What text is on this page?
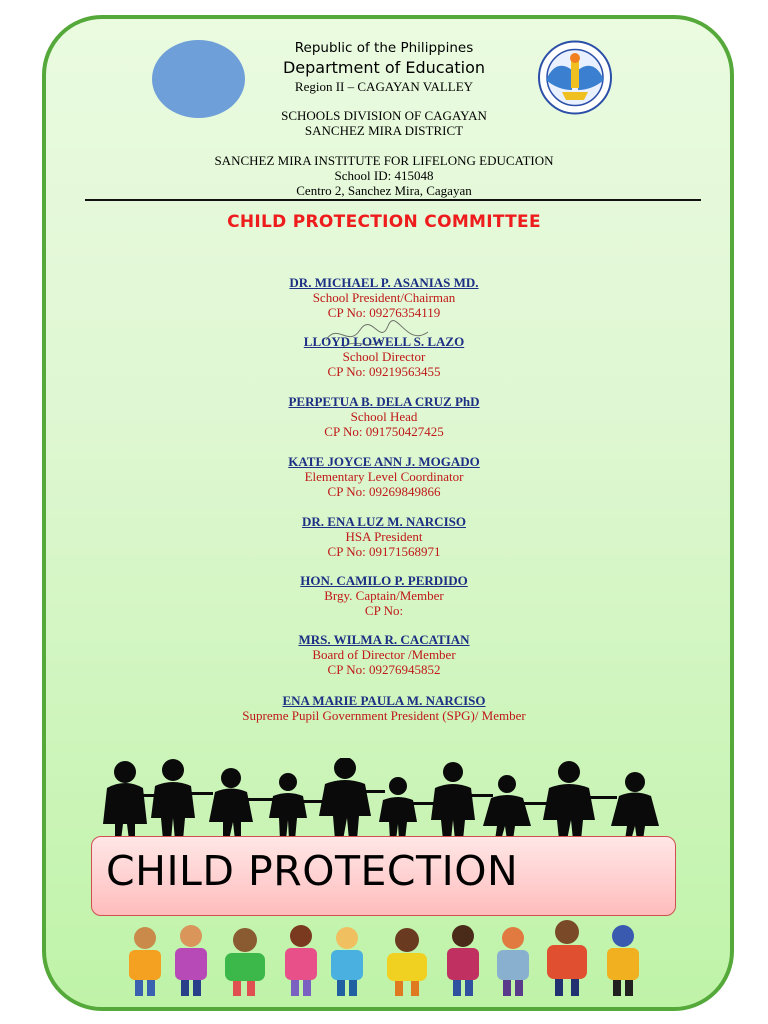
Republic of the Philippines
Department of Education
Region II – CAGAYAN VALLEY
SCHOOLS DIVISION OF CAGAYAN
SANCHEZ MIRA DISTRICT
SANCHEZ MIRA INSTITUTE FOR LIFELONG EDUCATION
School ID: 415048
Centro 2, Sanchez Mira, Cagayan
CHILD PROTECTION COMMITTEE
DR. MICHAEL P. ASANIAS MD.
School President/Chairman
CP No: 09276354119
LLOYD LOWELL S. LAZO
School Director
CP No: 09219563455
PERPETUA B. DELA CRUZ PhD
School Head
CP No: 091750427425
KATE JOYCE ANN J. MOGADO
Elementary Level Coordinator
CP No: 09269849866
DR. ENA LUZ M. NARCISO
HSA President
CP No: 09171568971
HON. CAMILO P. PERDIDO
Brgy. Captain/Member
CP No:
MRS. WILMA R. CACATIAN
Board of Director /Member
CP No: 09276945852
ENA MARIE PAULA M. NARCISO
Supreme Pupil Government President (SPG)/ Member
CHILD PROTECTION
